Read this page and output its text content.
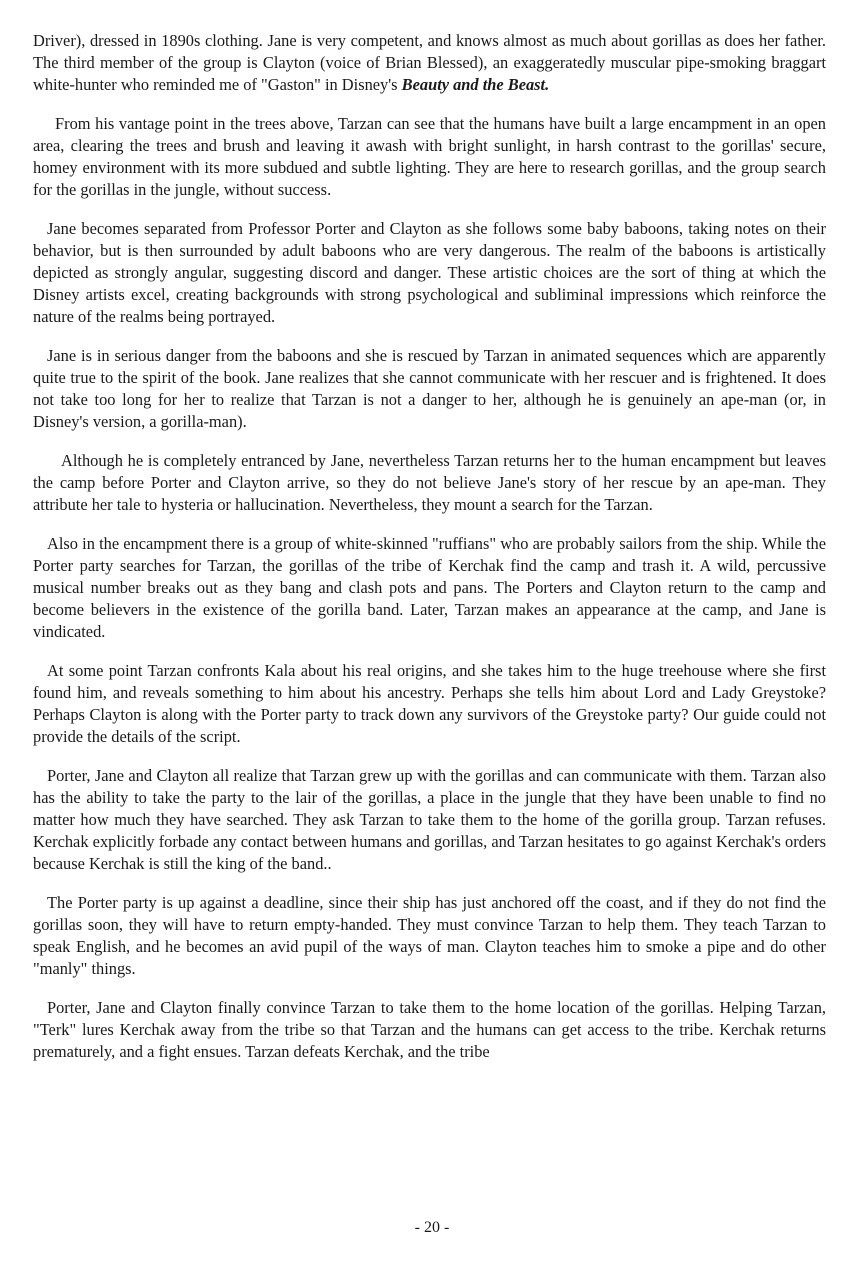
Driver), dressed in 1890s clothing. Jane is very competent, and knows almost as much about gorillas as does her father. The third member of the group is Clayton (voice of Brian Blessed), an exaggeratedly muscular pipe-smoking braggart white-hunter who reminded me of "Gaston" in Disney's Beauty and the Beast.

From his vantage point in the trees above, Tarzan can see that the humans have built a large encampment in an open area, clearing the trees and brush and leaving it awash with bright sunlight, in harsh contrast to the gorillas' secure, homey environment with its more subdued and subtle lighting. They are here to research gorillas, and the group search for the gorillas in the jungle, without success.

Jane becomes separated from Professor Porter and Clayton as she follows some baby baboons, taking notes on their behavior, but is then surrounded by adult baboons who are very dangerous. The realm of the baboons is artistically depicted as strongly angular, suggesting discord and danger. These artistic choices are the sort of thing at which the Disney artists excel, creating backgrounds with strong psychological and subliminal impressions which reinforce the nature of the realms being portrayed.

Jane is in serious danger from the baboons and she is rescued by Tarzan in animated sequences which are apparently quite true to the spirit of the book. Jane realizes that she cannot communicate with her rescuer and is frightened. It does not take too long for her to realize that Tarzan is not a danger to her, although he is genuinely an ape-man (or, in Disney's version, a gorilla-man).

Although he is completely entranced by Jane, nevertheless Tarzan returns her to the human encampment but leaves the camp before Porter and Clayton arrive, so they do not believe Jane's story of her rescue by an ape-man. They attribute her tale to hysteria or hallucination. Nevertheless, they mount a search for the Tarzan.

Also in the encampment there is a group of white-skinned "ruffians" who are probably sailors from the ship. While the Porter party searches for Tarzan, the gorillas of the tribe of Kerchak find the camp and trash it. A wild, percussive musical number breaks out as they bang and clash pots and pans. The Porters and Clayton return to the camp and become believers in the existence of the gorilla band. Later, Tarzan makes an appearance at the camp, and Jane is vindicated.

At some point Tarzan confronts Kala about his real origins, and she takes him to the huge treehouse where she first found him, and reveals something to him about his ancestry. Perhaps she tells him about Lord and Lady Greystoke? Perhaps Clayton is along with the Porter party to track down any survivors of the Greystoke party? Our guide could not provide the details of the script.

Porter, Jane and Clayton all realize that Tarzan grew up with the gorillas and can communicate with them. Tarzan also has the ability to take the party to the lair of the gorillas, a place in the jungle that they have been unable to find no matter how much they have searched. They ask Tarzan to take them to the home of the gorilla group. Tarzan refuses. Kerchak explicitly forbade any contact between humans and gorillas, and Tarzan hesitates to go against Kerchak's orders because Kerchak is still the king of the band..

The Porter party is up against a deadline, since their ship has just anchored off the coast, and if they do not find the gorillas soon, they will have to return empty-handed. They must convince Tarzan to help them. They teach Tarzan to speak English, and he becomes an avid pupil of the ways of man. Clayton teaches him to smoke a pipe and do other "manly" things.

Porter, Jane and Clayton finally convince Tarzan to take them to the home location of the gorillas. Helping Tarzan, "Terk" lures Kerchak away from the tribe so that Tarzan and the humans can get access to the tribe. Kerchak returns prematurely, and a fight ensues. Tarzan defeats Kerchak, and the tribe

- 20 -
